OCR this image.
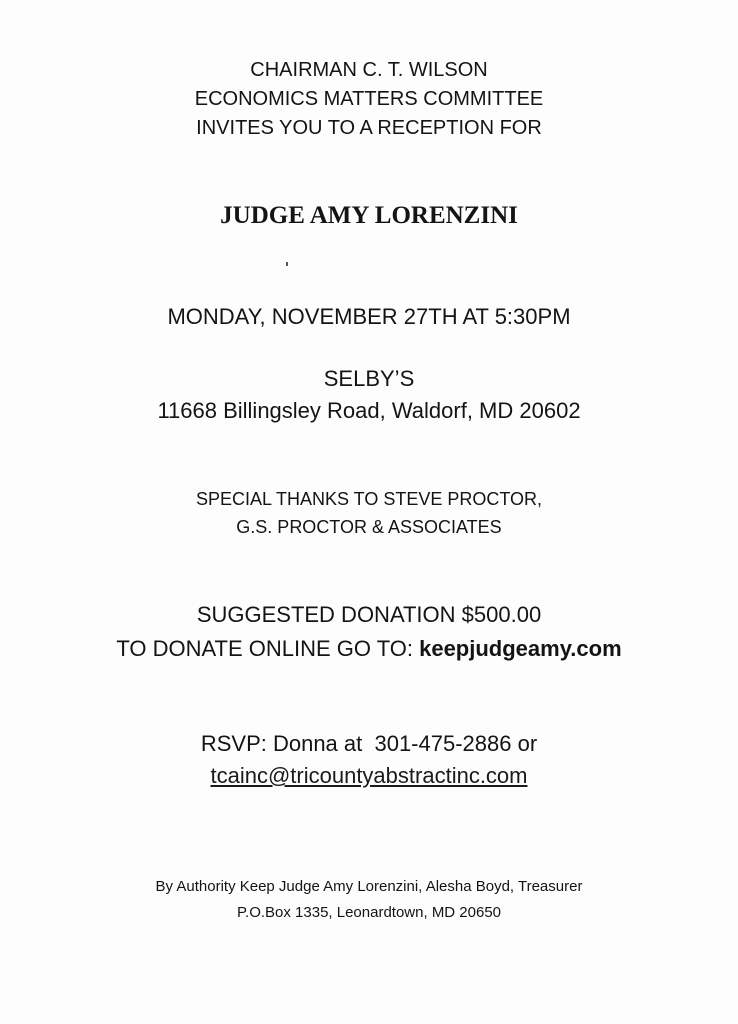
CHAIRMAN C. T. WILSON
ECONOMICS MATTERS COMMITTEE
INVITES YOU TO A RECEPTION FOR
JUDGE AMY LORENZINI
MONDAY, NOVEMBER 27TH AT 5:30PM
SELBY’S
11668 Billingsley Road, Waldorf, MD 20602
SPECIAL THANKS TO STEVE PROCTOR,
G.S. PROCTOR & ASSOCIATES
SUGGESTED DONATION $500.00
TO DONATE ONLINE GO TO: keepjudgeamy.com
RSVP: Donna at  301-475-2886 or
tcainc@tricountyabstractinc.com
By Authority Keep Judge Amy Lorenzini, Alesha Boyd, Treasurer
P.O.Box 1335, Leonardtown, MD 20650
